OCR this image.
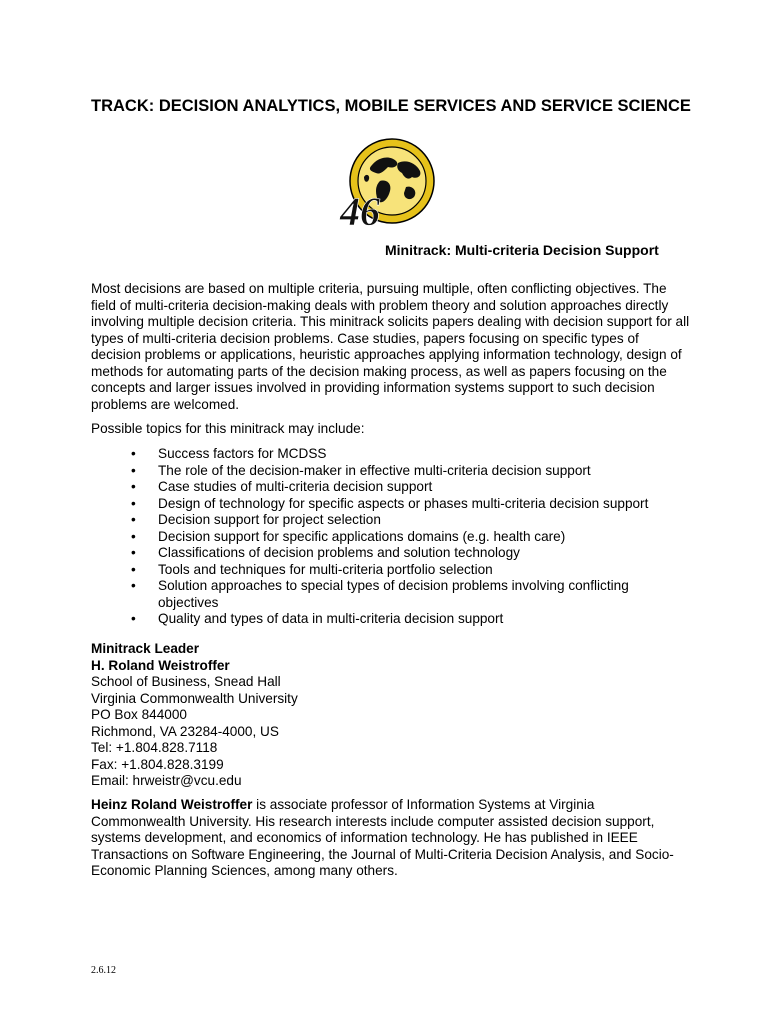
TRACK: DECISION ANALYTICS, MOBILE SERVICES AND SERVICE SCIENCE
46
Minitrack: Multi-criteria Decision Support

Most decisions are based on multiple criteria, pursuing multiple, often conflicting objectives. The field of multi-criteria decision-making deals with problem theory and solution approaches directly involving multiple decision criteria. This minitrack solicits papers dealing with decision support for all types of multi-criteria decision problems. Case studies, papers focusing on specific types of decision problems or applications, heuristic approaches applying information technology, design of methods for automating parts of the decision making process, as well as papers focusing on the concepts and larger issues involved in providing information systems support to such decision problems are welcomed.

Possible topics for this minitrack may include:

• Success factors for MCDSS
• The role of the decision-maker in effective multi-criteria decision support
• Case studies of multi-criteria decision support
• Design of technology for specific aspects or phases multi-criteria decision support
• Decision support for project selection
• Decision support for specific applications domains (e.g. health care)
• Classifications of decision problems and solution technology
• Tools and techniques for multi-criteria portfolio selection
• Solution approaches to special types of decision problems involving conflicting objectives
• Quality and types of data in multi-criteria decision support
Minitrack Leader
H. Roland Weistroffer
School of Business, Snead Hall
Virginia Commonwealth University
PO Box 844000
Richmond, VA 23284-4000, US
Tel: +1.804.828.7118
Fax: +1.804.828.3199
Email: hrweistr@vcu.edu

Heinz Roland Weistroffer is associate professor of Information Systems at Virginia Commonwealth University. His research interests include computer assisted decision support, systems development, and economics of information technology. He has published in IEEE Transactions on Software Engineering, the Journal of Multi-Criteria Decision Analysis, and Socio-Economic Planning Sciences, among many others.

2.6.12
